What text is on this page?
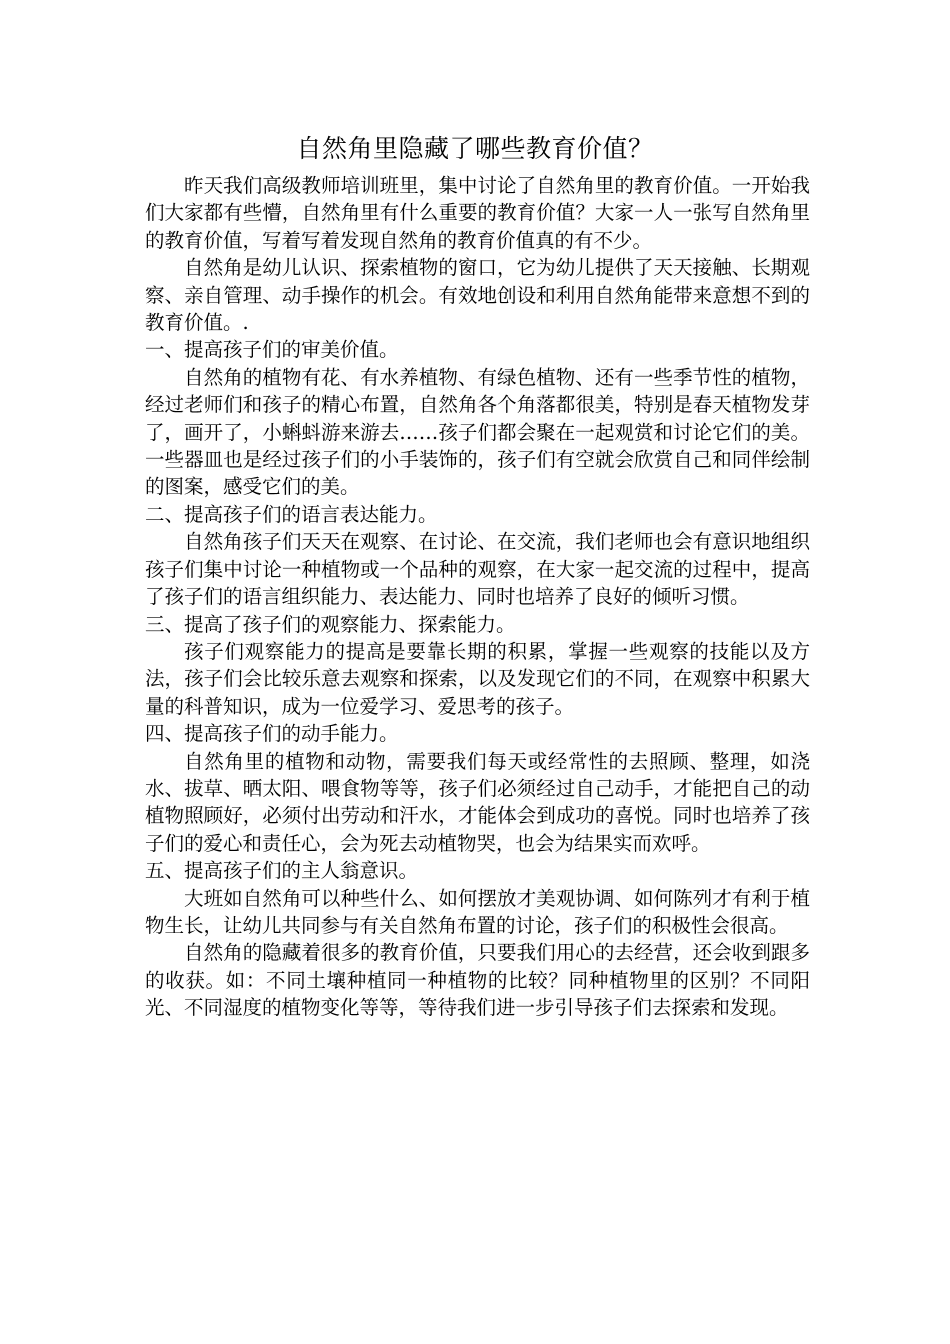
自然角里隐藏了哪些教育价值？

昨天我们高级教师培训班里，集中讨论了自然角里的教育价值。一开始我们大家都有些懵，自然角里有什么重要的教育价值？大家一人一张写自然角里的教育价值，写着写着发现自然角的教育价值真的有不少。

自然角是幼儿认识、探索植物的窗口，它为幼儿提供了天天接触、长期观察、亲自管理、动手操作的机会。有效地创设和利用自然角能带来意想不到的教育价值。.

一、提高孩子们的审美价值。

自然角的植物有花、有水养植物、有绿色植物、还有一些季节性的植物，经过老师们和孩子的精心布置，自然角各个角落都很美，特别是春天植物发芽了，画开了，小蝌蚪游来游去……孩子们都会聚在一起观赏和讨论它们的美。一些器皿也是经过孩子们的小手装饰的，孩子们有空就会欣赏自己和同伴绘制的图案，感受它们的美。

二、提高孩子们的语言表达能力。

自然角孩子们天天在观察、在讨论、在交流，我们老师也会有意识地组织孩子们集中讨论一种植物或一个品种的观察，在大家一起交流的过程中，提高了孩子们的语言组织能力、表达能力、同时也培养了良好的倾听习惯。

三、提高了孩子们的观察能力、探索能力。

孩子们观察能力的提高是要靠长期的积累，掌握一些观察的技能以及方法，孩子们会比较乐意去观察和探索，以及发现它们的不同，在观察中积累大量的科普知识，成为一位爱学习、爱思考的孩子。

四、提高孩子们的动手能力。

自然角里的植物和动物，需要我们每天或经常性的去照顾、整理，如浇水、拔草、晒太阳、喂食物等等，孩子们必须经过自己动手，才能把自己的动植物照顾好，必须付出劳动和汗水，才能体会到成功的喜悦。同时也培养了孩子们的爱心和责任心，会为死去动植物哭，也会为结果实而欢呼。

五、提高孩子们的主人翁意识。

大班如自然角可以种些什么、如何摆放才美观协调、如何陈列才有利于植物生长，让幼儿共同参与有关自然角布置的讨论，孩子们的积极性会很高。

自然角的隐藏着很多的教育价值，只要我们用心的去经营，还会收到跟多的收获。如：不同土壤种植同一种植物的比较？同种植物里的区别？不同阳光、不同湿度的植物变化等等，等待我们进一步引导孩子们去探索和发现。
